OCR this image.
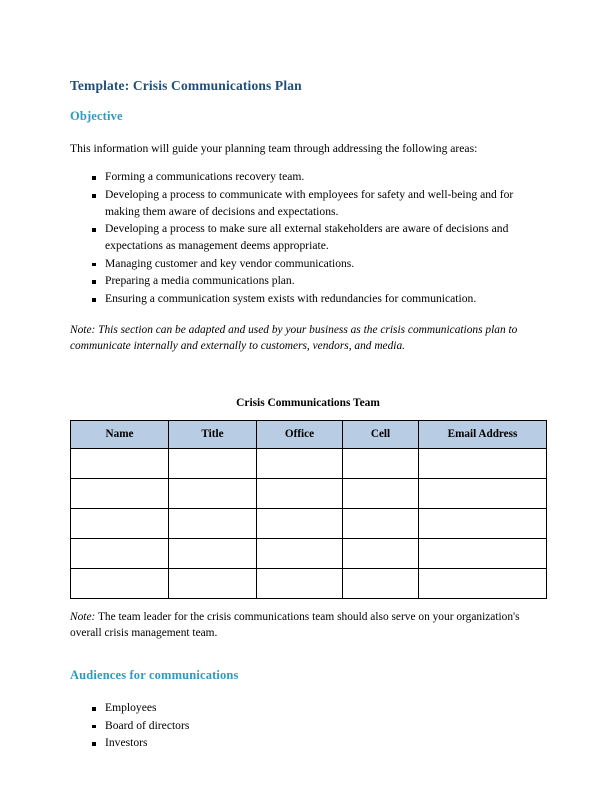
Template: Crisis Communications Plan
Objective

This information will guide your planning team through addressing the following areas:

Forming a communications recovery team.
Developing a process to communicate with employees for safety and well-being and for making them aware of decisions and expectations.
Developing a process to make sure all external stakeholders are aware of decisions and expectations as management deems appropriate.
Managing customer and key vendor communications.
Preparing a media communications plan.
Ensuring a communication system exists with redundancies for communication.

Note: This section can be adapted and used by your business as the crisis communications plan to communicate internally and externally to customers, vendors, and media.

Crisis Communications Team
Name	Title	Office	Cell	Email Address

Note: The team leader for the crisis communications team should also serve on your organization's overall crisis management team.

Audiences for communications
Employees
Board of directors
Investors
